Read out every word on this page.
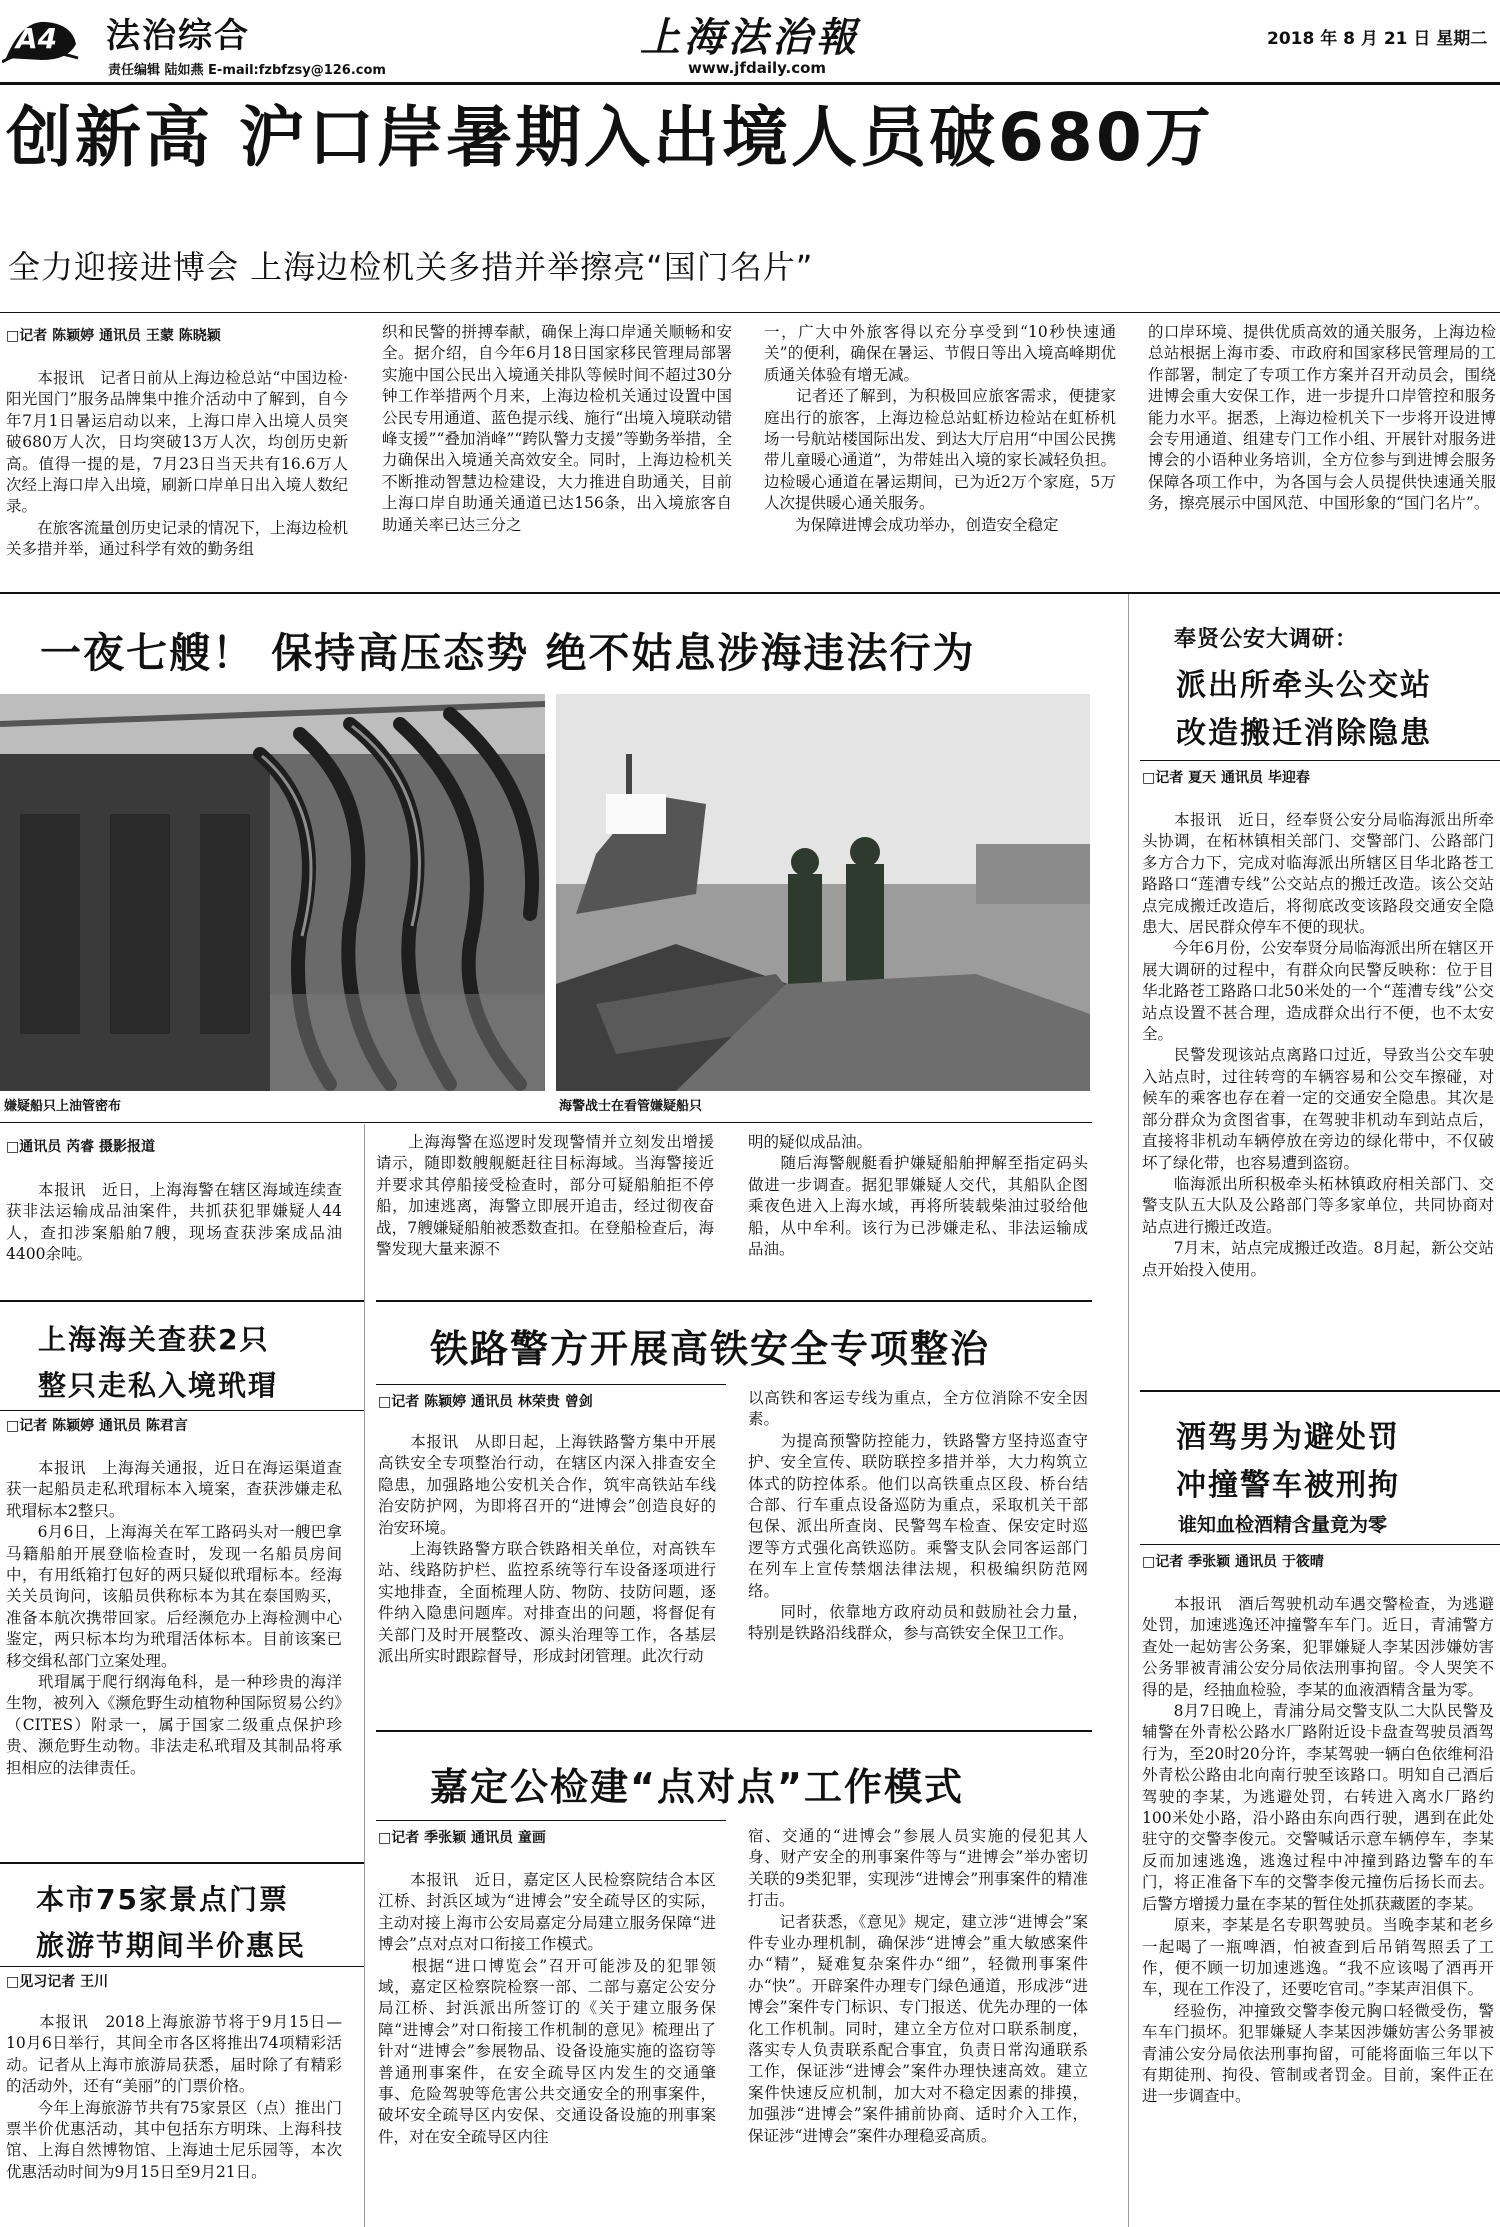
A4 法治综合
责任编辑 陆如燕 E-mail:fzbfzsy@126.com
上海法治報
www.jfdaily.com
2018 年 8 月 21 日 星期二
创新高 沪口岸暑期入出境人员破680万
全力迎接进博会 上海边检机关多措并举擦亮“国门名片”
□记者 陈颖婷 通讯员 王蒙 陈晓颖

　　本报讯　记者日前从上海边检总站“中国边检·阳光国门”服务品牌集中推介活动中了解到，自今年7月1日暑运启动以来，上海口岸入出境人员突破680万人次，日均突破13万人次，均创历史新高。值得一提的是，7月23日当天共有16.6万人次经上海口岸入出境，刷新口岸单日出入境人数纪录。
　　在旅客流量创历史记录的情况下，上海边检机关多措并举，通过科学有效的勤务组

织和民警的拼搏奉献，确保上海口岸通关顺畅和安全。据介绍，自今年6月18日国家移民管理局部署实施中国公民出入境通关排队等候时间不超过30分钟工作举措两个月来，上海边检机关通过设置中国公民专用通道、蓝色提示线、施行“出境入境联动错峰支援”“叠加消峰”“跨队警力支援”等勤务举措，全力确保出入境通关高效安全。同时，上海边检机关不断推动智慧边检建设，大力推进自助通关，目前上海口岸自助通关通道已达156条，出入境旅客自助通关率已达三分之

一，广大中外旅客得以充分享受到“10秒快速通关”的便利，确保在暑运、节假日等出入境高峰期优质通关体验有增无减。
　　记者还了解到，为积极回应旅客需求，便捷家庭出行的旅客，上海边检总站虹桥边检站在虹桥机场一号航站楼国际出发、到达大厅启用“中国公民携带儿童暖心通道”，为带娃出入境的家长减轻负担。边检暖心通道在暑运期间，已为近2万个家庭，5万人次提供暖心通关服务。
　　为保障进博会成功举办，创造安全稳定

的口岸环境、提供优质高效的通关服务，上海边检总站根据上海市委、市政府和国家移民管理局的工作部署，制定了专项工作方案并召开动员会，围绕进博会重大安保工作，进一步提升口岸管控和服务能力水平。据悉，上海边检机关下一步将开设进博会专用通道、组建专门工作小组、开展针对服务进博会的小语种业务培训，全方位参与到进博会服务保障各项工作中，为各国与会人员提供快速通关服务，擦亮展示中国风范、中国形象的“国门名片”。

一夜七艘！ 保持高压态势 绝不姑息涉海违法行为
嫌疑船只上油管密布	海警战士在看管嫌疑船只
□通讯员 芮睿 摄影报道

　　本报讯　近日，上海海警在辖区海域连续查获非法运输成品油案件，共抓获犯罪嫌疑人44人，查扣涉案船舶7艘，现场查获涉案成品油4400余吨。

　　上海海警在巡逻时发现警情并立刻发出增援请示，随即数艘舰艇赶往目标海域。当海警接近并要求其停船接受检查时，部分可疑船舶拒不停船，加速逃离，海警立即展开追击，经过彻夜奋战，7艘嫌疑船舶被悉数查扣。在登船检查后，海警发现大量来源不

明的疑似成品油。
　　随后海警舰艇看护嫌疑船舶押解至指定码头做进一步调查。据犯罪嫌疑人交代，其船队企图乘夜色进入上海水域，再将所装载柴油过驳给他船，从中牟利。该行为已涉嫌走私、非法运输成品油。

奉贤公安大调研：
派出所牵头公交站
改造搬迁消除隐患
□记者 夏天 通讯员 毕迎春

　　本报讯　近日，经奉贤公安分局临海派出所牵头协调，在柘林镇相关部门、交警部门、公路部门多方合力下，完成对临海派出所辖区目华北路苍工路路口“莲漕专线”公交站点的搬迁改造。该公交站点完成搬迁改造后，将彻底改变该路段交通安全隐患大、居民群众停车不便的现状。
　　今年6月份，公安奉贤分局临海派出所在辖区开展大调研的过程中，有群众向民警反映称：位于目华北路苍工路路口北50米处的一个“莲漕专线”公交站点设置不甚合理，造成群众出行不便，也不太安全。
　　民警发现该站点离路口过近，导致当公交车驶入站点时，过往转弯的车辆容易和公交车擦碰，对候车的乘客也存在着一定的交通安全隐患。其次是部分群众为贪图省事，在驾驶非机动车到站点后，直接将非机动车辆停放在旁边的绿化带中，不仅破坏了绿化带，也容易遭到盗窃。
　　临海派出所积极牵头柘林镇政府相关部门、交警支队五大队及公路部门等多家单位，共同协商对站点进行搬迁改造。
　　7月末，站点完成搬迁改造。8月起，新公交站点开始投入使用。

酒驾男为避处罚
冲撞警车被刑拘
谁知血检酒精含量竟为零
□记者 季张颖 通讯员 于筱晴

　　本报讯　酒后驾驶机动车遇交警检查，为逃避处罚，加速逃逸还冲撞警车车门。近日，青浦警方查处一起妨害公务案，犯罪嫌疑人李某因涉嫌妨害公务罪被青浦公安分局依法刑事拘留。令人哭笑不得的是，经抽血检验，李某的血液酒精含量为零。
　　8月7日晚上，青浦分局交警支队二大队民警及辅警在外青松公路水厂路附近设卡盘查驾驶员酒驾行为，至20时20分许，李某驾驶一辆白色依维柯沿外青松公路由北向南行驶至该路口。明知自己酒后驾驶的李某，为逃避处罚，右转进入离水厂路约100米处小路，沿小路由东向西行驶，遇到在此处驻守的交警李俊元。交警喊话示意车辆停车，李某反而加速逃逸，逃逸过程中冲撞到路边警车的车门，将正准备下车的交警李俊元撞伤后扬长而去。后警方增援力量在李某的暂住处抓获藏匿的李某。
　　原来，李某是名专职驾驶员。当晚李某和老乡一起喝了一瓶啤酒，怕被查到后吊销驾照丢了工作，便不顾一切加速逃逸。“我不应该喝了酒再开车，现在工作没了，还要吃官司。”李某声泪俱下。
　　经验伤，冲撞致交警李俊元胸口轻微受伤，警车车门损坏。犯罪嫌疑人李某因涉嫌妨害公务罪被青浦公安分局依法刑事拘留，可能将面临三年以下有期徒刑、拘役、管制或者罚金。目前，案件正在进一步调查中。

上海海关查获2只
整只走私入境玳瑁
□记者 陈颖婷 通讯员 陈君言

　　本报讯　上海海关通报，近日在海运渠道查获一起船员走私玳瑁标本入境案，查获涉嫌走私玳瑁标本2整只。
　　6月6日，上海海关在军工路码头对一艘巴拿马籍船舶开展登临检查时，发现一名船员房间中，有用纸箱打包好的两只疑似玳瑁标本。经海关关员询问，该船员供称标本为其在泰国购买，准备本航次携带回家。后经濒危办上海检测中心鉴定，两只标本均为玳瑁活体标本。目前该案已移交缉私部门立案处理。
　　玳瑁属于爬行纲海龟科，是一种珍贵的海洋生物，被列入《濒危野生动植物种国际贸易公约》（CITES）附录一，属于国家二级重点保护珍贵、濒危野生动物。非法走私玳瑁及其制品将承担相应的法律责任。

本市75家景点门票
旅游节期间半价惠民
□见习记者 王川

　　本报讯　2018上海旅游节将于9月15日—10月6日举行，其间全市各区将推出74项精彩活动。记者从上海市旅游局获悉，届时除了有精彩的活动外，还有“美丽”的门票价格。
　　今年上海旅游节共有75家景区（点）推出门票半价优惠活动，其中包括东方明珠、上海科技馆、上海自然博物馆、上海迪士尼乐园等，本次优惠活动时间为9月15日至9月21日。

铁路警方开展高铁安全专项整治
□记者 陈颖婷 通讯员 林荣贵 曾剑

　　本报讯　从即日起，上海铁路警方集中开展高铁安全专项整治行动，在辖区内深入排查安全隐患，加强路地公安机关合作，筑牢高铁站车线治安防护网，为即将召开的“进博会”创造良好的治安环境。
　　上海铁路警方联合铁路相关单位，对高铁车站、线路防护栏、监控系统等行车设备逐项进行实地排查，全面梳理人防、物防、技防问题，逐件纳入隐患问题库。对排查出的问题，将督促有关部门及时开展整改、源头治理等工作，各基层派出所实时跟踪督导，形成封闭管理。此次行动

以高铁和客运专线为重点，全方位消除不安全因素。
　　为提高预警防控能力，铁路警方坚持巡查守护、安全宣传、联防联控多措并举，大力构筑立体式的防控体系。他们以高铁重点区段、桥台结合部、行车重点设备巡防为重点，采取机关干部包保、派出所查岗、民警驾车检查、保安定时巡逻等方式强化高铁巡防。乘警支队会同客运部门在列车上宣传禁烟法律法规，积极编织防范网络。
　　同时，依靠地方政府动员和鼓励社会力量，特别是铁路沿线群众，参与高铁安全保卫工作。

嘉定公检建“点对点”工作模式
□记者 季张颖 通讯员 童画

　　本报讯　近日，嘉定区人民检察院结合本区江桥、封浜区域为“进博会”安全疏导区的实际，主动对接上海市公安局嘉定分局建立服务保障“进博会”点对点对口衔接工作模式。
　　根据“进口博览会”召开可能涉及的犯罪领域，嘉定区检察院检察一部、二部与嘉定公安分局江桥、封浜派出所签订的《关于建立服务保障“进博会”对口衔接工作机制的意见》梳理出了针对“进博会”参展物品、设备设施实施的盗窃等普通刑事案件，在安全疏导区内发生的交通肇事、危险驾驶等危害公共交通安全的刑事案件，破坏安全疏导区内安保、交通设备设施的刑事案件，对在安全疏导区内往

宿、交通的“进博会”参展人员实施的侵犯其人身、财产安全的刑事案件等与“进博会”举办密切关联的9类犯罪，实现涉“进博会”刑事案件的精准打击。
　　记者获悉，《意见》规定，建立涉“进博会”案件专业办理机制，确保涉“进博会”重大敏感案件办“精”，疑难复杂案件办“细”，轻微刑事案件办“快”。开辟案件办理专门绿色通道，形成涉“进博会”案件专门标识、专门报送、优先办理的一体化工作机制。同时，建立全方位对口联系制度，落实专人负责联系配合事宜，负责日常沟通联系工作，保证涉“进博会”案件办理快速高效。建立案件快速反应机制，加大对不稳定因素的排摸，加强涉“进博会”案件捕前协商、适时介入工作，保证涉“进博会”案件办理稳妥高质。
